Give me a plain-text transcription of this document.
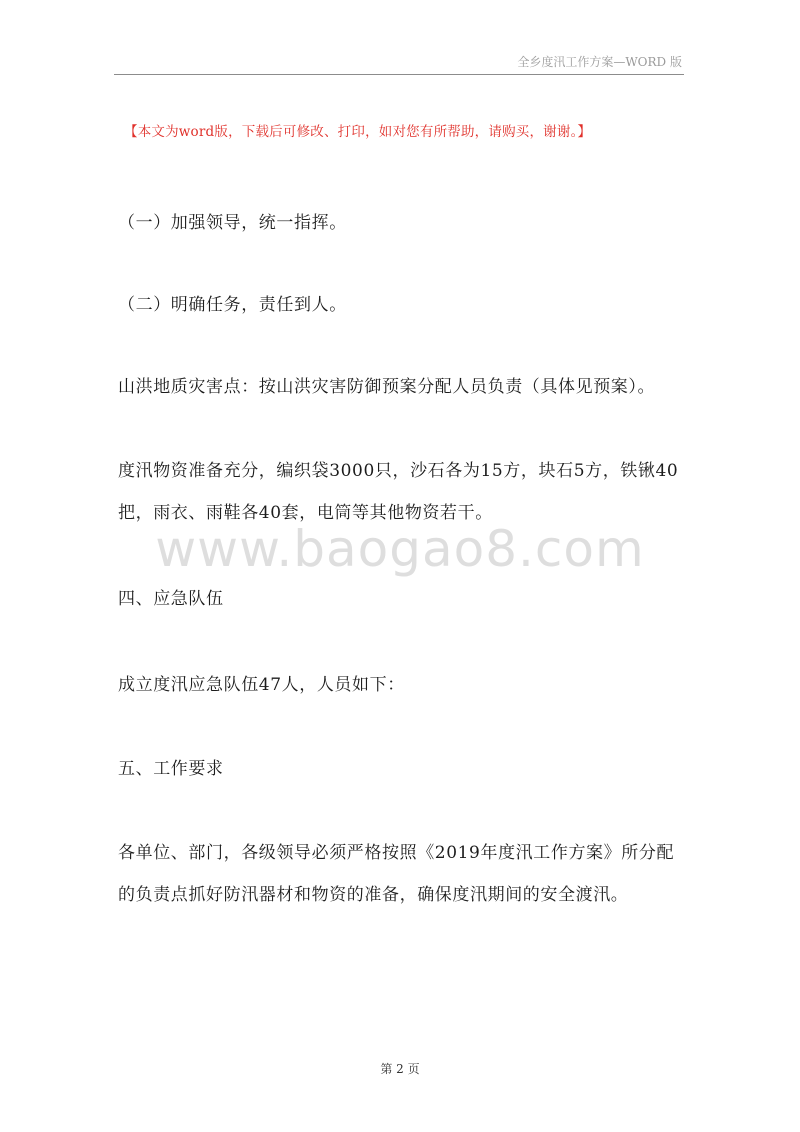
全乡度汛工作方案—WORD 版
【本文为word版，下载后可修改、打印，如对您有所帮助，请购买，谢谢。】
（一）加强领导，统一指挥。
（二）明确任务，责任到人。
山洪地质灾害点：按山洪灾害防御预案分配人员负责（具体见预案）。
度汛物资准备充分，编织袋3000只，沙石各为15方，块石5方，铁锹40把，雨衣、雨鞋各40套，电筒等其他物资若干。
www.baogao8.com
四、应急队伍
成立度汛应急队伍47人，人员如下：
五、工作要求
各单位、部门，各级领导必须严格按照《2019年度汛工作方案》所分配的负责点抓好防汛器材和物资的准备，确保度汛期间的安全渡汛。
第 2 页
